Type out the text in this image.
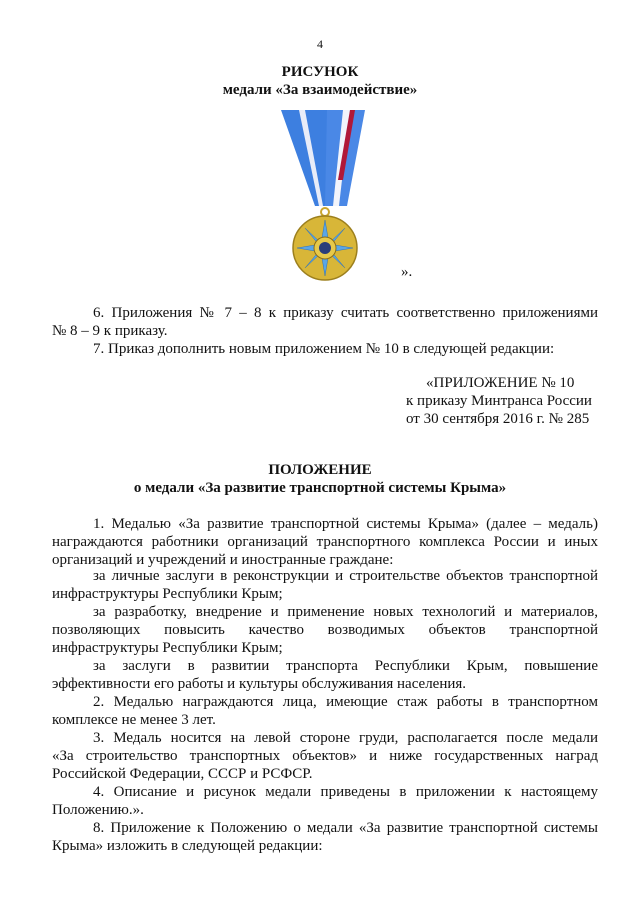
4
РИСУНОК
медали «За взаимодействие»
».
6. Приложения № 7 – 8 к приказу считать соответственно приложениями
№ 8 – 9 к приказу.
7. Приказ дополнить новым приложением № 10 в следующей редакции:
«ПРИЛОЖЕНИЕ № 10
к приказу Минтранса России
от 30 сентября 2016 г. № 285
ПОЛОЖЕНИЕ
о медали «За развитие транспортной системы Крыма»
1. Медалью «За развитие транспортной системы Крыма» (далее – медаль)
награждаются работники организаций транспортного комплекса России и иных
организаций и учреждений и иностранные граждане:
за личные заслуги в реконструкции и строительстве объектов транспортной
инфраструктуры Республики Крым;
за разработку, внедрение и применение новых технологий и материалов,
позволяющих повысить качество возводимых объектов транспортной
инфраструктуры Республики Крым;
за заслуги в развитии транспорта Республики Крым, повышение
эффективности его работы и культуры обслуживания населения.
2. Медалью награждаются лица, имеющие стаж работы в транспортном
комплексе не менее 3 лет.
3. Медаль носится на левой стороне груди, располагается после медали
«За строительство транспортных объектов» и ниже государственных наград
Российской Федерации, СССР и РСФСР.
4. Описание и рисунок медали приведены в приложении к настоящему
Положению.».
8. Приложение к Положению о медали «За развитие транспортной системы
Крыма» изложить в следующей редакции:
